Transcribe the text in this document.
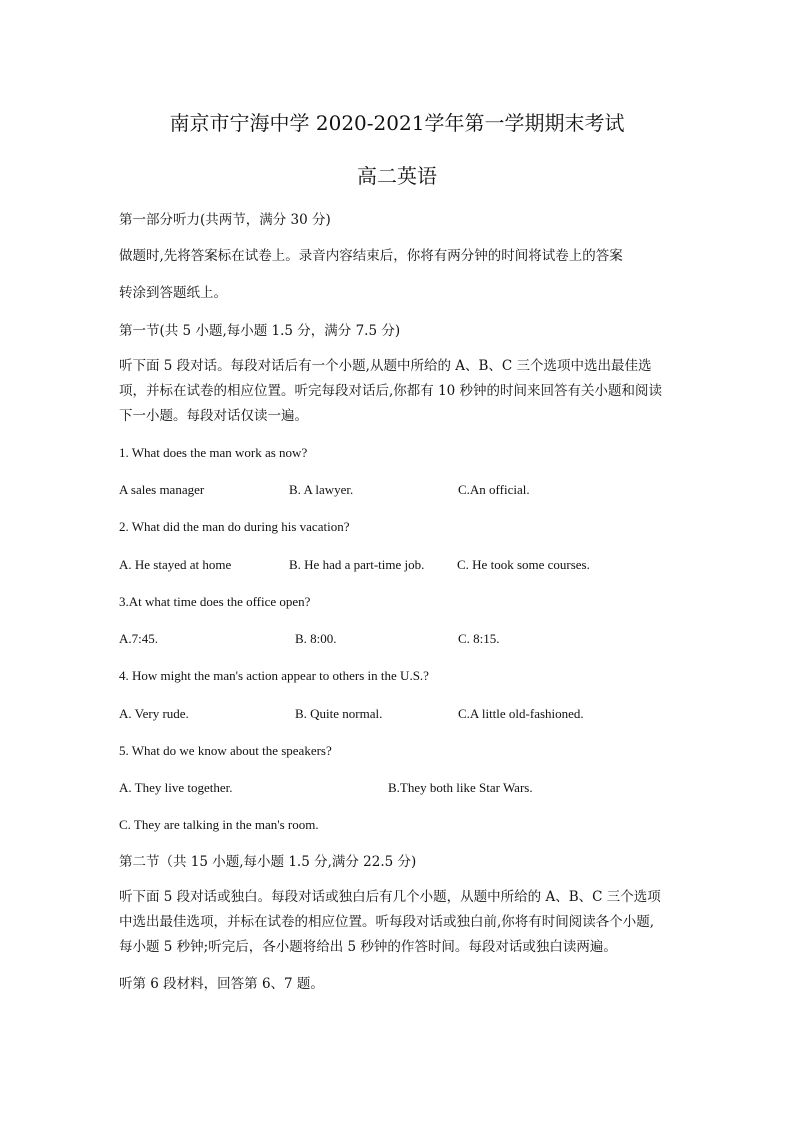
南京市宁海中学 2020-2021学年第一学期期末考试
高二英语
第一部分听力(共两节，满分 30 分)
做题时,先将答案标在试卷上。录音内容结束后，你将有两分钟的时间将试卷上的答案
转涂到答题纸上。
第一节(共 5 小题,每小题 1.5 分，满分 7.5 分)
听下面 5 段对话。每段对话后有一个小题,从题中所给的 A、B、C 三个选项中选出最佳选
项，并标在试卷的相应位置。听完每段对话后,你都有 10 秒钟的时间来回答有关小题和阅读
下一小题。每段对话仅读一遍。
1. What does the man work as now?
A sales manager	B. A lawyer.	C.An official.
2. What did the man do during his vacation?
A. He stayed at home	B. He had a part-time job.	C. He took some courses.
3.At what time does the office open?
A.7:45.	B. 8:00.	C. 8:15.
4. How might the man's action appear to others in the U.S.?
A. Very rude.	B. Quite normal.	C.A little old-fashioned.
5. What do we know about the speakers?
A. They live together.	B.They both like Star Wars.
C. They are talking in the man's room.
第二节（共 15 小题,每小题 1.5 分,满分 22.5 分)
听下面 5 段对话或独白。每段对话或独白后有几个小题，从题中所给的 A、B、C 三个选项
中选出最佳选项，并标在试卷的相应位置。听每段对话或独白前,你将有时间阅读各个小题,
每小题 5 秒钟;听完后，各小题将给出 5 秒钟的作答时间。每段对话或独白读两遍。
听第 6 段材料，回答第 6、7 题。
